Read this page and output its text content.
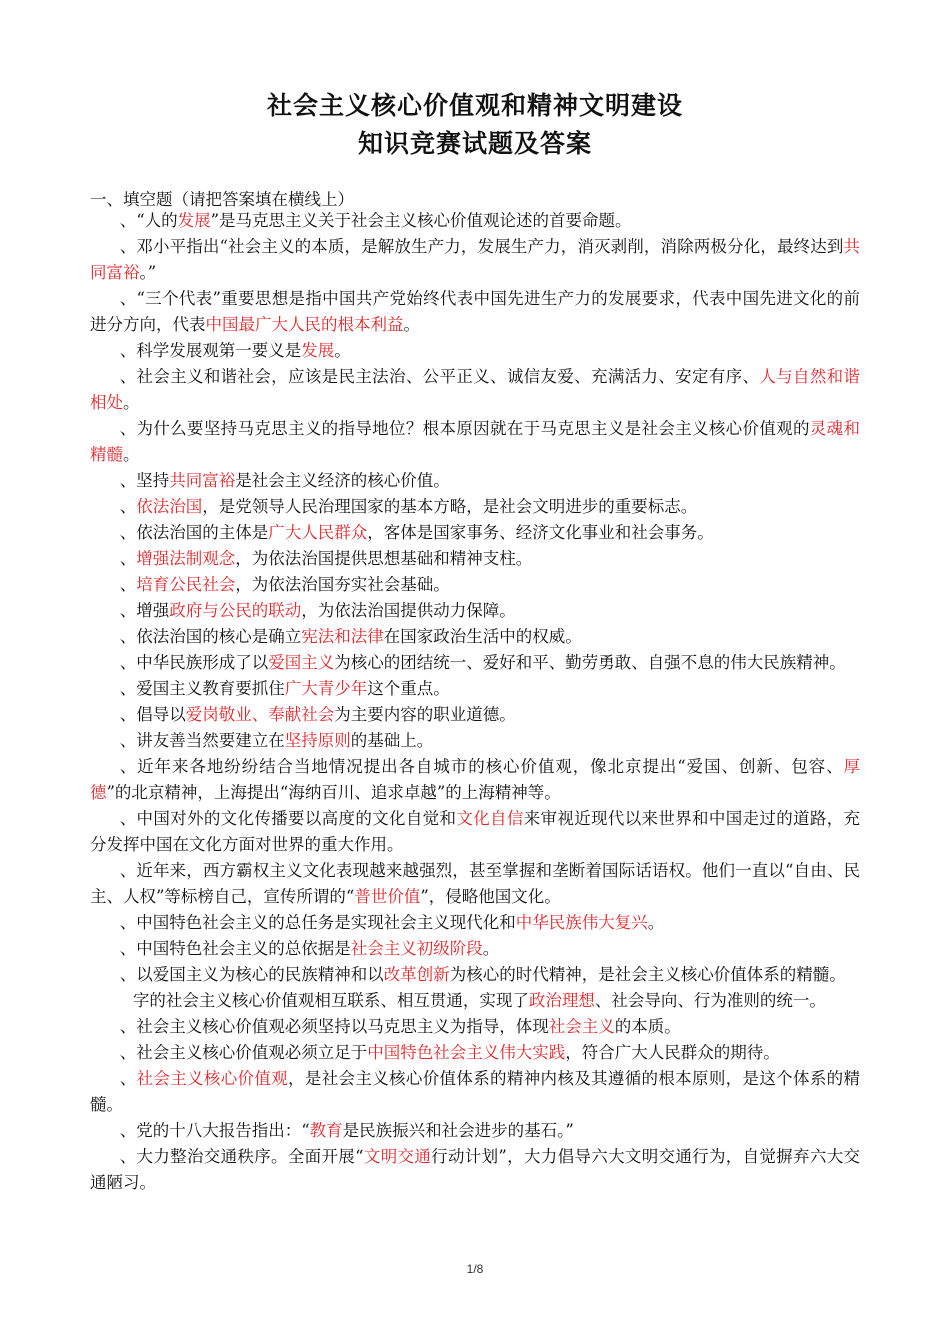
社会主义核心价值观和精神文明建设
知识竞赛试题及答案
一、填空题（请把答案填在横线上）

、“人的发展”是马克思主义关于社会主义核心价值观论述的首要命题。

、邓小平指出“社会主义的本质，是解放生产力，发展生产力，消灭剥削，消除两极分化，最终达到共同富裕。”

、“三个代表”重要思想是指中国共产党始终代表中国先进生产力的发展要求，代表中国先进文化的前进分方向，代表中国最广大人民的根本利益。

、科学发展观第一要义是发展。

、社会主义和谐社会，应该是民主法治、公平正义、诚信友爱、充满活力、安定有序、人与自然和谐相处。

、为什么要坚持马克思主义的指导地位？根本原因就在于马克思主义是社会主义核心价值观的灵魂和精髓。

、坚持共同富裕是社会主义经济的核心价值。

、依法治国，是党领导人民治理国家的基本方略，是社会文明进步的重要标志。

、依法治国的主体是广大人民群众，客体是国家事务、经济文化事业和社会事务。

、增强法制观念，为依法治国提供思想基础和精神支柱。

、培育公民社会，为依法治国夯实社会基础。

、增强政府与公民的联动，为依法治国提供动力保障。

、依法治国的核心是确立宪法和法律在国家政治生活中的权威。

、中华民族形成了以爱国主义为核心的团结统一、爱好和平、勤劳勇敢、自强不息的伟大民族精神。

、爱国主义教育要抓住广大青少年这个重点。

、倡导以爱岗敬业、奉献社会为主要内容的职业道德。

、讲友善当然要建立在坚持原则的基础上。

、近年来各地纷纷结合当地情况提出各自城市的核心价值观，像北京提出“爱国、创新、包容、厚德”的北京精神，上海提出“海纳百川、追求卓越”的上海精神等。

、中国对外的文化传播要以高度的文化自觉和文化自信来审视近现代以来世界和中国走过的道路，充分发挥中国在文化方面对世界的重大作用。

、近年来，西方霸权主义文化表现越来越强烈，甚至掌握和垄断着国际话语权。他们一直以“自由、民主、人权”等标榜自己，宣传所谓的“普世价值”，侵略他国文化。

、中国特色社会主义的总任务是实现社会主义现代化和中华民族伟大复兴。

、中国特色社会主义的总依据是社会主义初级阶段。

、以爱国主义为核心的民族精神和以改革创新为核心的时代精神，是社会主义核心价值体系的精髓。

字的社会主义核心价值观相互联系、相互贯通，实现了政治理想、社会导向、行为准则的统一。

、社会主义核心价值观必须坚持以马克思主义为指导，体现社会主义的本质。

、社会主义核心价值观必须立足于中国特色社会主义伟大实践，符合广大人民群众的期待。

、社会主义核心价值观，是社会主义核心价值体系的精神内核及其遵循的根本原则，是这个体系的精髓。

、党的十八大报告指出：“教育是民族振兴和社会进步的基石。”

、大力整治交通秩序。全面开展“文明交通行动计划”，大力倡导六大文明交通行为，自觉摒弃六大交通陋习。

1/8
